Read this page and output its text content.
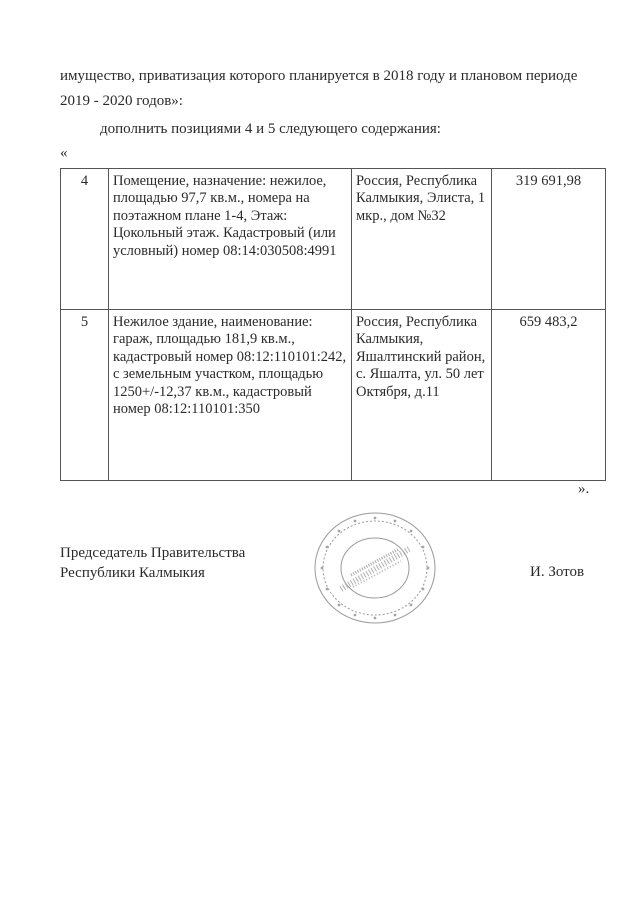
имущество, приватизация которого планируется в 2018 году и плановом периоде
2019 - 2020 годов»:
дополнить позициями 4 и 5 следующего содержания:
«
4	Помещение, назначение: нежилое, площадью 97,7 кв.м., номера на поэтажном плане 1-4, Этаж: Цокольный этаж. Кадастровый (или условный) номер 08:14:030508:4991	Россия, Республика Калмыкия, Элиста, 1 мкр., дом №32	319 691,98
5	Нежилое здание, наименование: гараж, площадью 181,9 кв.м., кадастровый номер 08:12:110101:242, с земельным участком, площадью 1250+/-12,37 кв.м., кадастровый номер 08:12:110101:350	Россия, Республика Калмыкия, Яшалтинский район, с. Яшалта, ул. 50 лет Октября, д.11	659 483,2
».
Председатель Правительства
Республики Калмыкия	И. Зотов
